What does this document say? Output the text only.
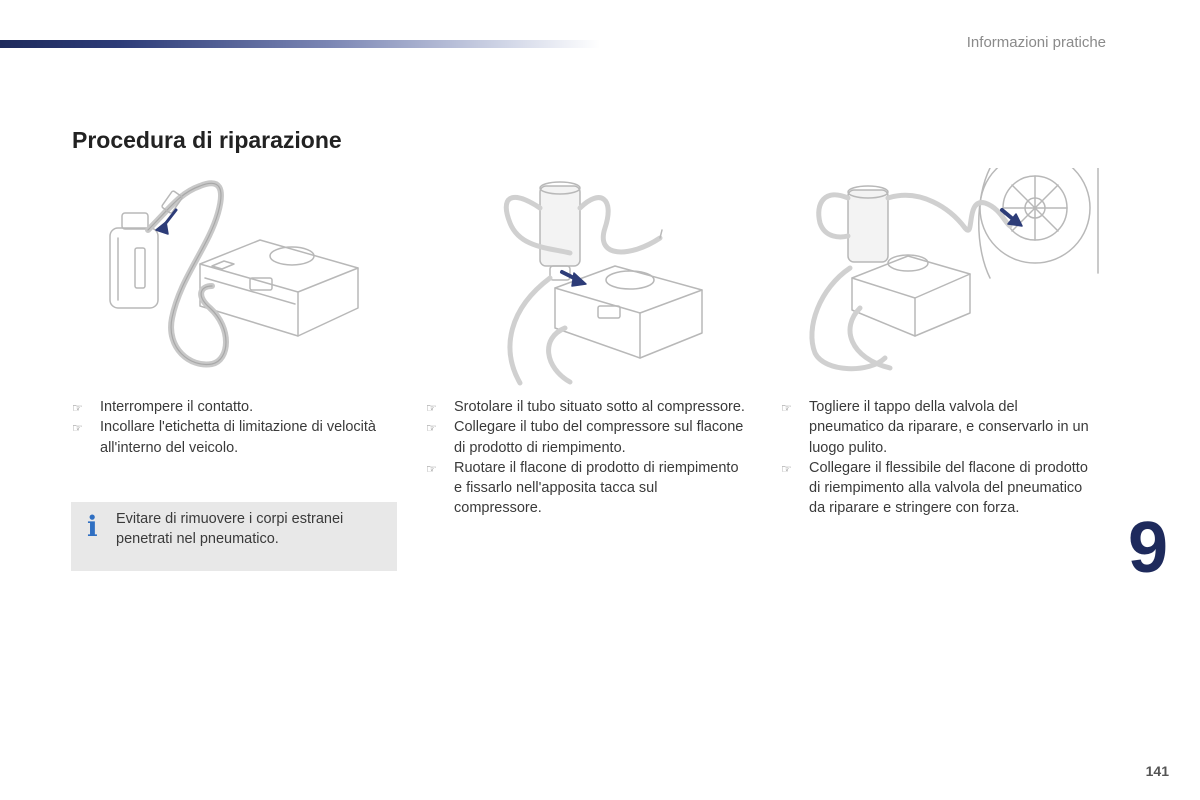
Informazioni pratiche
Procedura di riparazione
☞ Interrompere il contatto.
☞ Incollare l'etichetta di limitazione di velocità all'interno del veicolo.
☞ Srotolare il tubo situato sotto al compressore.
☞ Collegare il tubo del compressore sul flacone di prodotto di riempimento.
☞ Ruotare il flacone di prodotto di riempimento e fissarlo nell'apposita tacca sul compressore.
☞ Togliere il tappo della valvola del pneumatico da riparare, e conservarlo in un luogo pulito.
☞ Collegare il flessibile del flacone di prodotto di riempimento alla valvola del pneumatico da riparare e stringere con forza.
i Evitare di rimuovere i corpi estranei penetrati nel pneumatico.	9
141
